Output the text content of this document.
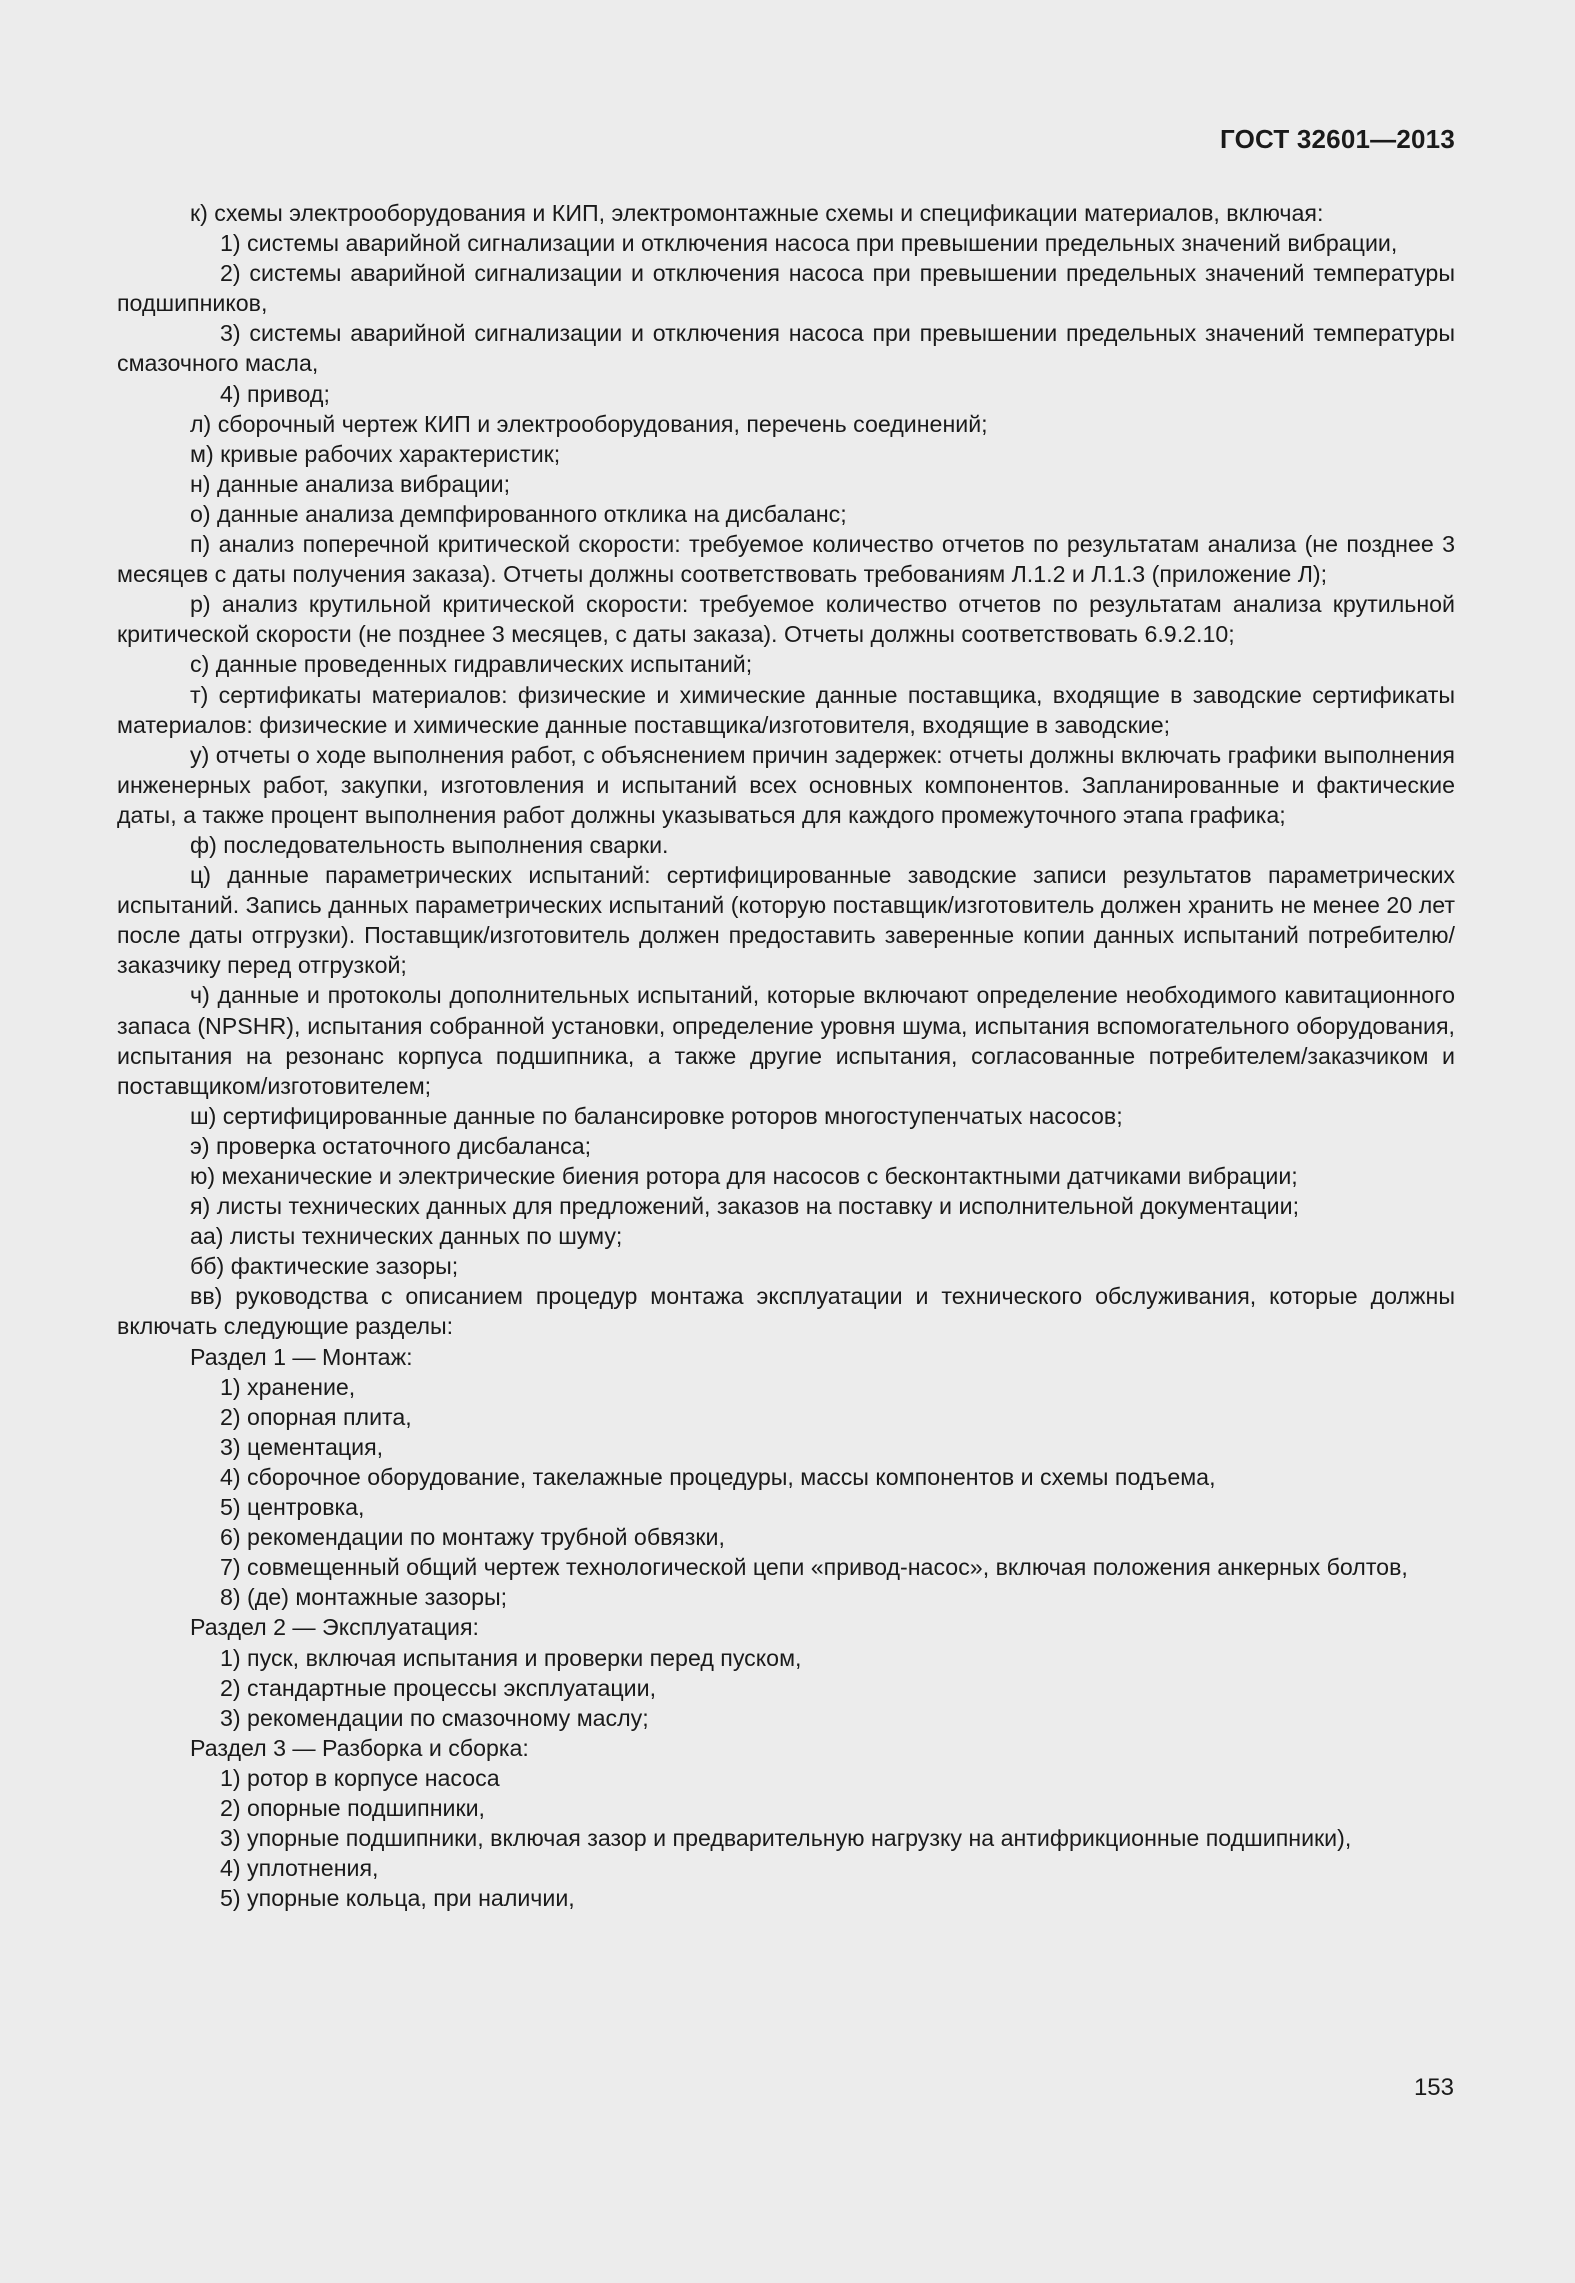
ГОСТ 32601—2013

к) схемы электрооборудования и КИП, электромонтажные схемы и спецификации материалов, включая:

1) системы аварийной сигнализации и отключения насоса при превышении предельных значений вибрации,

2) системы аварийной сигнализации и отключения насоса при превышении предельных значений температуры подшипников,

3) системы аварийной сигнализации и отключения насоса при превышении предельных значений температуры смазочного масла,

4) привод;

л) сборочный чертеж КИП и электрооборудования, перечень соединений;

м) кривые рабочих характеристик;

н) данные анализа вибрации;

о) данные анализа демпфированного отклика на дисбаланс;

п) анализ поперечной критической скорости: требуемое количество отчетов по результатам анализа (не позднее 3 месяцев с даты получения заказа). Отчеты должны соответствовать требованиям Л.1.2 и Л.1.3 (приложение Л);

р) анализ крутильной критической скорости: требуемое количество отчетов по результатам анализа крутильной критической скорости (не позднее 3 месяцев, с даты заказа). Отчеты должны соответствовать 6.9.2.10;

с) данные проведенных гидравлических испытаний;

т) сертификаты материалов: физические и химические данные поставщика, входящие в заводские сертификаты материалов: физические и химические данные поставщика/изготовителя, входящие в заводские;

у) отчеты о ходе выполнения работ, с объяснением причин задержек: отчеты должны включать графики выполнения инженерных работ, закупки, изготовления и испытаний всех основных компонентов. Запланированные и фактические даты, а также процент выполнения работ должны указываться для каждого промежуточного этапа графика;

ф) последовательность выполнения сварки.

ц) данные параметрических испытаний: сертифицированные заводские записи результатов параметрических испытаний. Запись данных параметрических испытаний (которую поставщик/изготовитель должен хранить не менее 20 лет после даты отгрузки). Поставщик/изготовитель должен предоставить заверенные копии данных испытаний потребителю/заказчику перед отгрузкой;

ч) данные и протоколы дополнительных испытаний, которые включают определение необходимого кавитационного запаса (NPSHR), испытания собранной установки, определение уровня шума, испытания вспомогательного оборудования, испытания на резонанс корпуса подшипника, а также другие испытания, согласованные потребителем/заказчиком и поставщиком/изготовителем;

ш) сертифицированные данные по балансировке роторов многоступенчатых насосов;

э) проверка остаточного дисбаланса;

ю) механические и электрические биения ротора для насосов с бесконтактными датчиками вибрации;

я) листы технических данных для предложений, заказов на поставку и исполнительной документации;

аа) листы технических данных по шуму;

бб) фактические зазоры;

вв) руководства с описанием процедур монтажа эксплуатации и технического обслуживания, которые должны включать следующие разделы:

Раздел 1 — Монтаж:

1) хранение,

2) опорная плита,

3) цементация,

4) сборочное оборудование, такелажные процедуры, массы компонентов и схемы подъема,

5) центровка,

6) рекомендации по монтажу трубной обвязки,

7) совмещенный общий чертеж технологической цепи «привод-насос», включая положения анкерных болтов,

8) (де) монтажные зазоры;

Раздел 2 — Эксплуатация:

1) пуск, включая испытания и проверки перед пуском,

2) стандартные процессы эксплуатации,

3) рекомендации по смазочному маслу;

Раздел 3 — Разборка и сборка:

1) ротор в корпусе насоса

2) опорные подшипники,

3) упорные подшипники, включая зазор и предварительную нагрузку на антифрикционные подшипники),

4) уплотнения,

5) упорные кольца, при наличии,

153
